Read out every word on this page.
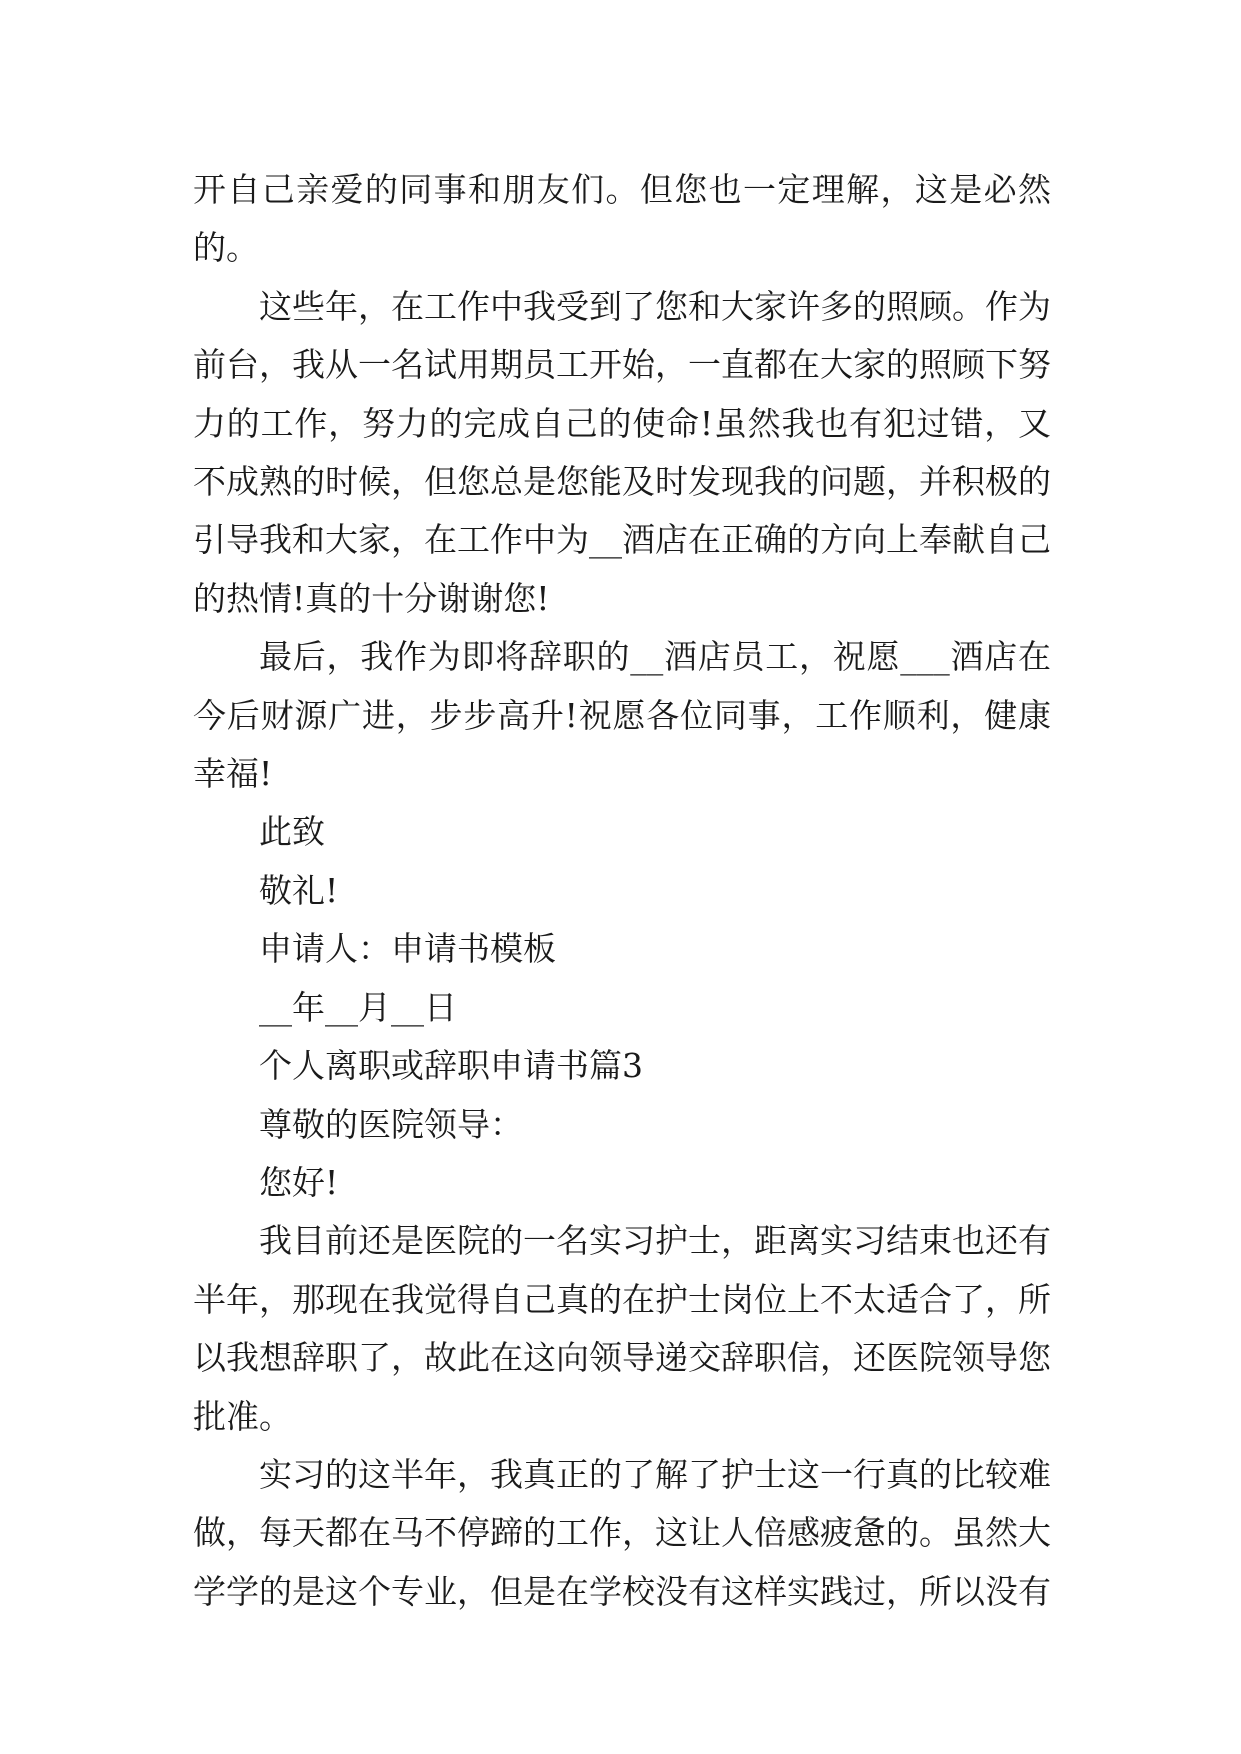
开自己亲爱的同事和朋友们。但您也一定理解，这是必然的。

这些年，在工作中我受到了您和大家许多的照顾。作为前台，我从一名试用期员工开始，一直都在大家的照顾下努力的工作，努力的完成自己的使命!虽然我也有犯过错，又不成熟的时候，但您总是您能及时发现我的问题，并积极的引导我和大家，在工作中为__酒店在正确的方向上奉献自己的热情!真的十分谢谢您!

最后，我作为即将辞职的__酒店员工，祝愿___酒店在今后财源广进，步步高升!祝愿各位同事，工作顺利，健康幸福!

此致

敬礼!

申请人：申请书模板

__年__月__日

个人离职或辞职申请书篇3

尊敬的医院领导：

您好!

我目前还是医院的一名实习护士，距离实习结束也还有半年，那现在我觉得自己真的在护士岗位上不太适合了，所以我想辞职了，故此在这向领导递交辞职信，还医院领导您批准。

实习的这半年，我真正的了解了护士这一行真的比较难做，每天都在马不停蹄的工作，这让人倍感疲惫的。虽然大学学的是这个专业，但是在学校没有这样实践过，所以没有
